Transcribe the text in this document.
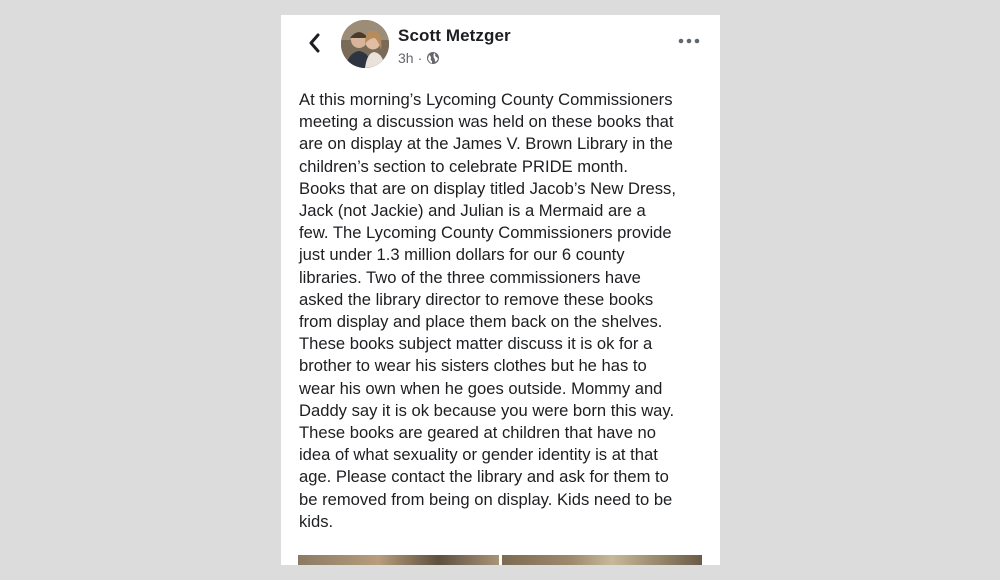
Scott Metzger
3h ·
At this morning’s Lycoming County Commissioners
meeting a discussion was held on these books that
are on display at the James V. Brown Library in the
children’s section to celebrate PRIDE month.
Books that are on display titled Jacob’s New Dress,
Jack (not Jackie) and Julian is a Mermaid are a
few. The Lycoming County Commissioners provide
just under 1.3 million dollars for our 6 county
libraries. Two of the three commissioners have
asked the library director to remove these books
from display and place them back on the shelves.
These books subject matter discuss it is ok for a
brother to wear his sisters clothes but he has to
wear his own when he goes outside. Mommy and
Daddy say it is ok because you were born this way.
These books are geared at children that have no
idea of what sexuality or gender identity is at that
age. Please contact the library and ask for them to
be removed from being on display. Kids need to be
kids.
